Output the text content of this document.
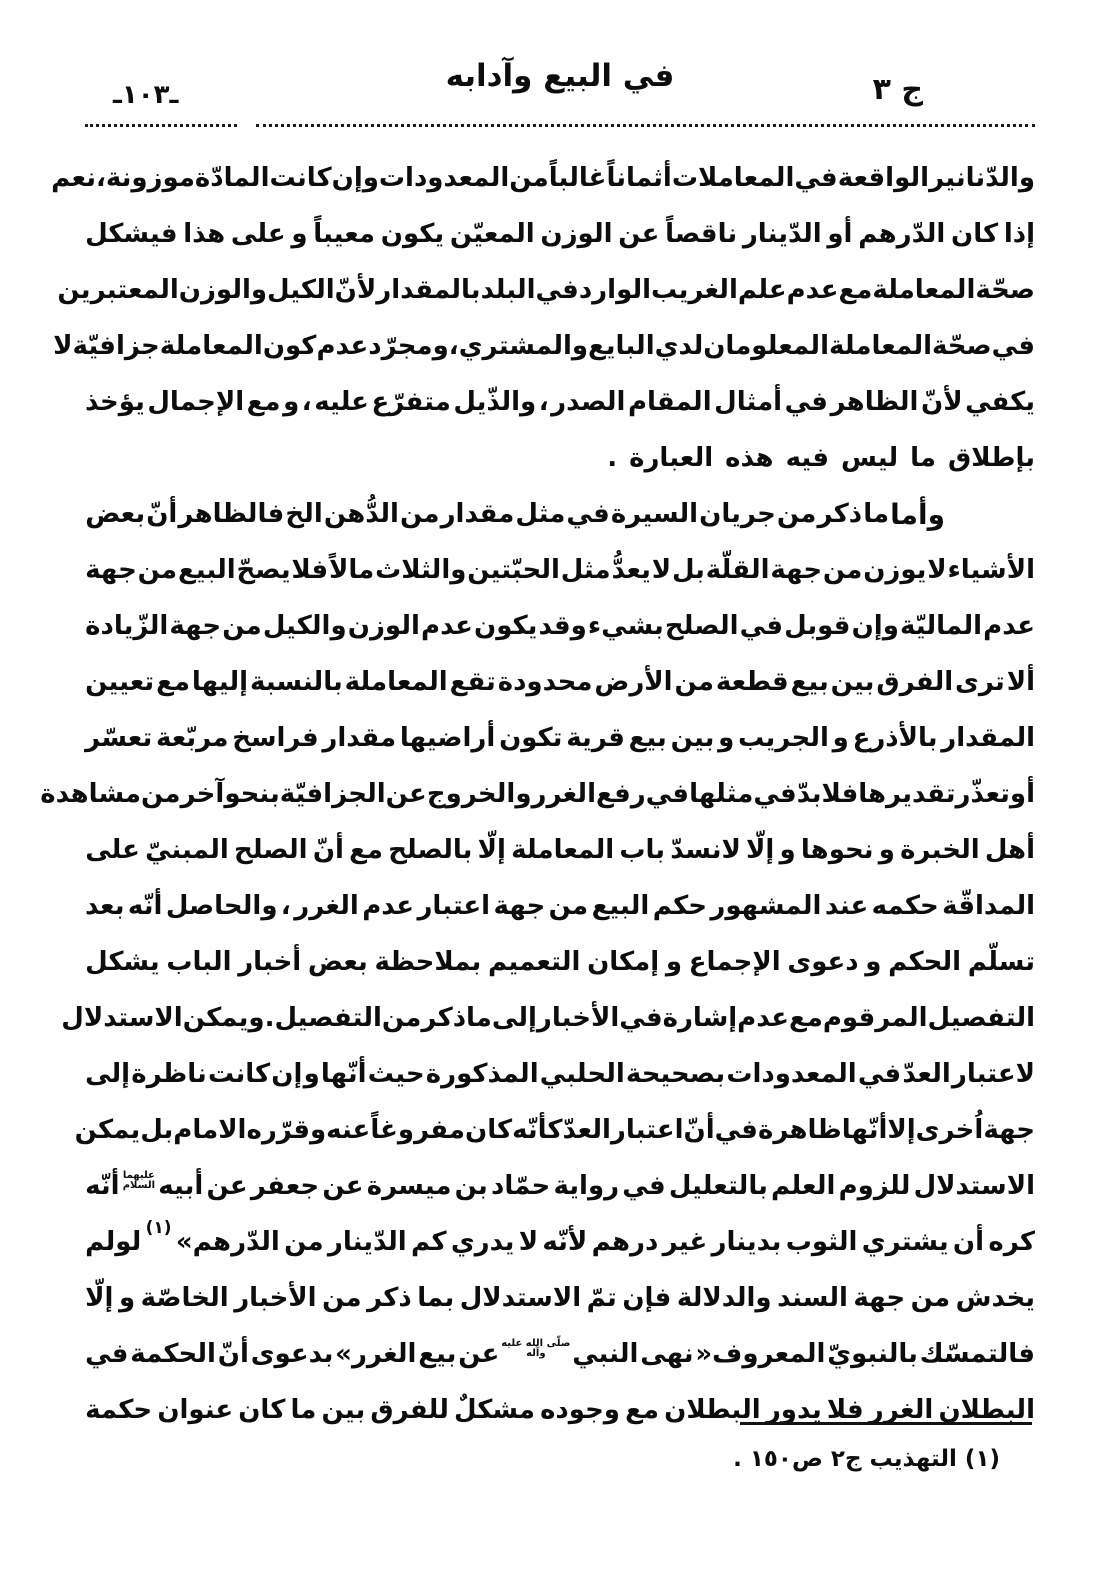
ج ٣
في البيع وآدابه
ـ١٠٣ـ
والدّنانير
الواقعة
في
المعاملات
أثماناً
غالباً
من
المعدودات
وإن
كانت
المادّة
موزونة
،
نعم
إذا
كان
الدّرهم
أو
الدّينار
ناقصاً
عن
الوزن
المعيّن
يكون
معيباً
و
على
هذا
فيشكل
صحّة
المعاملة
مع
عدم
علم
الغريب
الوارد
في
البلد
بالمقدار
لأنّ
الكيل
والوزن
المعتبرين
في
صحّة
المعاملة
المعلومان
لدي
البايع
والمشتري
،
ومجرّد
عدم
كون
المعاملة
جزافيّة
لا
يكفي
لأنّ
الظاهر
في
أمثال
المقام
الصدر
،
والذّيل
متفرّع
عليه
،
و
مع
الإجمال
يؤخذ
بإطلاق
ما
ليس
فيه
هذه
العبارة
.
وأما
ما
ذكر
من
جريان
السيرة
في
مثل
مقدار
من
الدُّهن
الخ
فالظاهر
أنّ
بعض
الأشياء
لا
يوزن
من
جهة
القلّة
بل
لا
يعدُّ
مثل
الحبّتين
والثلاث
مالاً
فلا
يصحّ
البيع
من
جهة
عدم
الماليّة
وإن
قوبل
في
الصلح
بشيء
وقد
يكون
عدم
الوزن
والكيل
من
جهة
الزّيادة
ألا
ترى
الفرق
بين
بيع
قطعة
من
الأرض
محدودة
تقع
المعاملة
بالنسبة
إليها
مع
تعيين
المقدار
بالأذرع
و
الجريب
و
بين
بيع
قرية
تكون
أراضيها
مقدار
فراسخ
مربّعة
تعسّر
أو
تعذّر
تقديرها
فلابدّ
في
مثلها
في
رفع
الغرر
والخروج
عن
الجزافيّة
بنحو
آخر
من
مشاهدة
أهل
الخبرة
و
نحوها
و
إلّا
لانسدّ
باب
المعاملة
إلّا
بالصلح
مع
أنّ
الصلح
المبنيّ
على
المداقّة
حكمه
عند
المشهور
حكم
البيع
من
جهة
اعتبار
عدم
الغرر
،
والحاصل
أنّه
بعد
تسلّم
الحكم
و
دعوى
الإجماع
و
إمكان
التعميم
بملاحظة
بعض
أخبار
الباب
يشكل
التفصيل
المرقوم
مع
عدم
إشارة
في
الأخبار
إلى
ما
ذكر
من
التفصيل
.
ويمكن
الاستدلال
لاعتبار
العدّ
في
المعدودات
بصحيحة
الحلبي
المذكورة
حيث
أنّها
و
إن
كانت
ناظرة
إلى
جهة
اُخرى
إلا
أنّها
ظاهرة
في
أنّ
اعتبار
العدّ
كأنّه
كان
مفروغاً
عنه
وقرّره
الامام
بل
يمكن
الاستدلال
للزوم
العلم
بالتعليل
في
رواية
حمّاد
بن
ميسرة
عن
جعفر
عن
أبيه
عليهما
السلام
أنّه
كره
أن
يشتري
الثوب
بدينار
غير
درهم
لأنّه
لا
يدري
كم
الدّينار
من
الدّرهم»
(١)
لولم
يخدش
من
جهة
السند
والدلالة
فإن
تمّ
الاستدلال
بما
ذكر
من
الأخبار
الخاصّة
و
إلّا
فالتمسّك
بالنبويّ
المعروف«
نهى
النبي
صلّى الله عليه
وآله
عن
بيع
الغرر»
بدعوى
أنّ
الحكمة
في
البطلان
الغرر
فلا
يدور
البطلان
مع
وجوده
مشكلٌ
للفرق
بين
ما
كان
عنوان
حكمة
(١) التهذيب ج٢ ص١٥٠ .
